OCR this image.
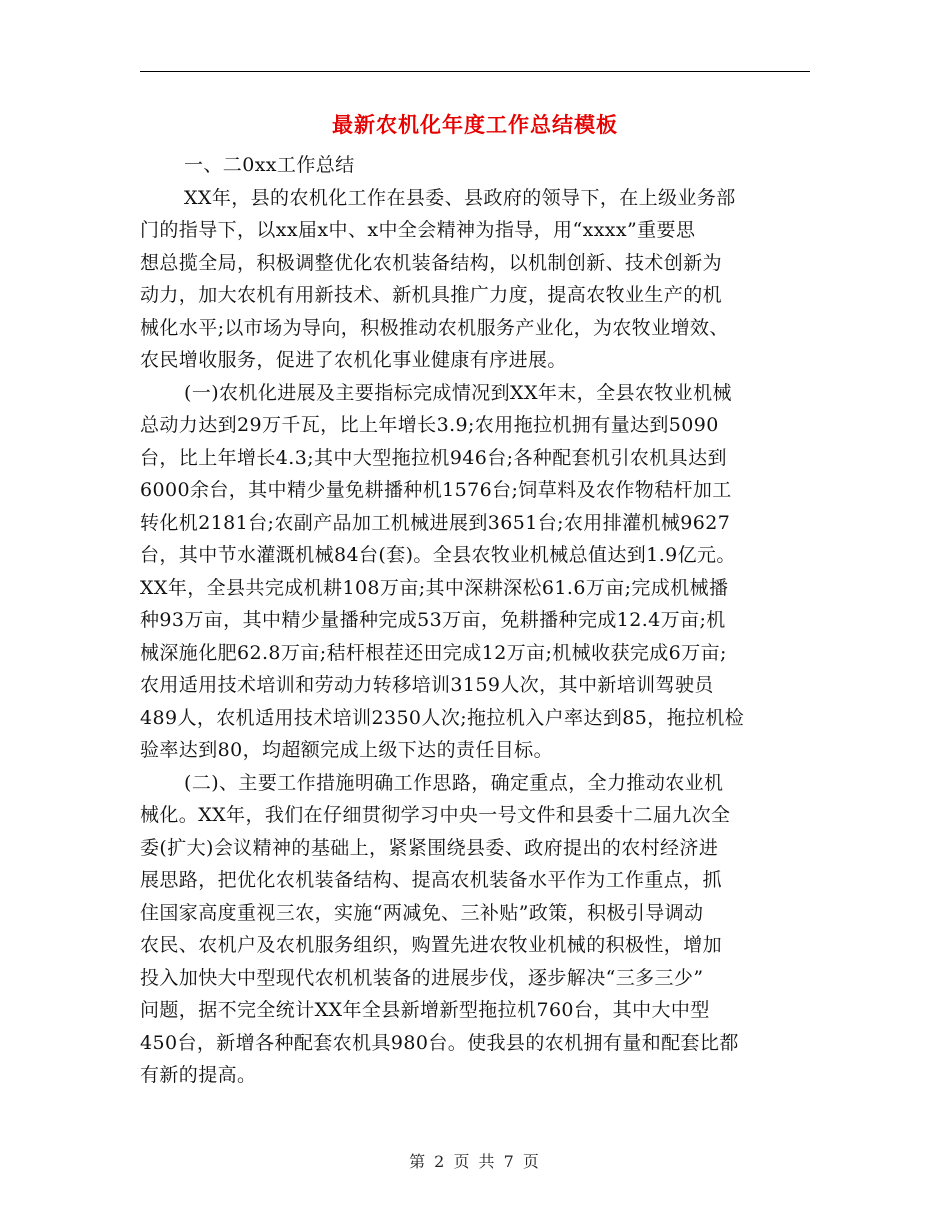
最新农机化年度工作总结模板
一、二0xx工作总结
XX年，县的农机化工作在县委、县政府的领导下，在上级业务部
门的指导下，以xx届x中、x中全会精神为指导，用“xxxx”重要思
想总揽全局，积极调整优化农机装备结构，以机制创新、技术创新为
动力，加大农机有用新技术、新机具推广力度，提高农牧业生产的机
械化水平;以市场为导向，积极推动农机服务产业化，为农牧业增效、
农民增收服务，促进了农机化事业健康有序进展。
(一)农机化进展及主要指标完成情况到XX年末，全县农牧业机械
总动力达到29万千瓦，比上年增长3.9;农用拖拉机拥有量达到5090
台，比上年增长4.3;其中大型拖拉机946台;各种配套机引农机具达到
6000余台，其中精少量免耕播种机1576台;饲草料及农作物秸杆加工
转化机2181台;农副产品加工机械进展到3651台;农用排灌机械9627
台，其中节水灌溉机械84台(套)。全县农牧业机械总值达到1.9亿元。
XX年，全县共完成机耕108万亩;其中深耕深松61.6万亩;完成机械播
种93万亩，其中精少量播种完成53万亩，免耕播种完成12.4万亩;机
械深施化肥62.8万亩;秸杆根茬还田完成12万亩;机械收获完成6万亩;
农用适用技术培训和劳动力转移培训3159人次，其中新培训驾驶员
489人，农机适用技术培训2350人次;拖拉机入户率达到85，拖拉机检
验率达到80，均超额完成上级下达的责任目标。
(二)、主要工作措施明确工作思路，确定重点，全力推动农业机
械化。XX年，我们在仔细贯彻学习中央一号文件和县委十二届九次全
委(扩大)会议精神的基础上，紧紧围绕县委、政府提出的农村经济进
展思路，把优化农机装备结构、提高农机装备水平作为工作重点，抓
住国家高度重视三农，实施“两减免、三补贴”政策，积极引导调动
农民、农机户及农机服务组织，购置先进农牧业机械的积极性，增加
投入加快大中型现代农机机装备的进展步伐，逐步解决“三多三少”
问题，据不完全统计XX年全县新增新型拖拉机760台，其中大中型
450台，新增各种配套农机具980台。使我县的农机拥有量和配套比都
有新的提高。
第 2 页 共 7 页
